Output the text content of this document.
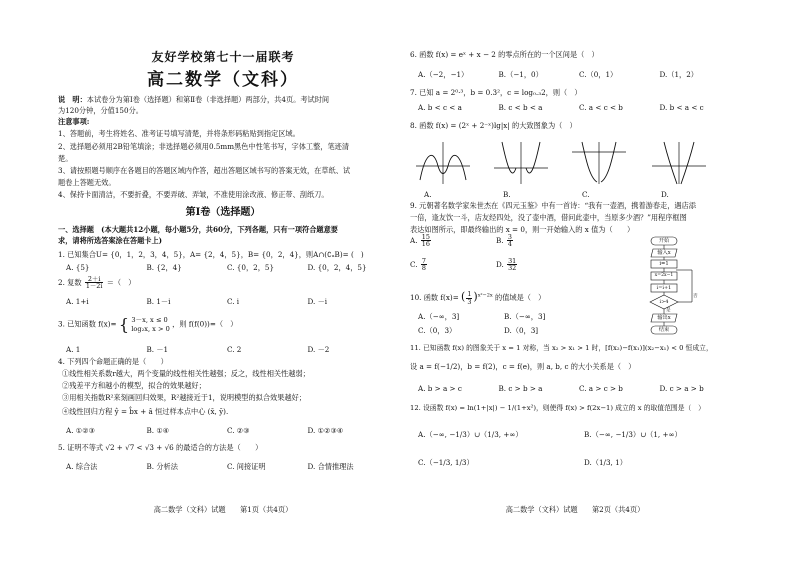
友好学校第七十一届联考
高二数学（文科）
说　明：本试卷分为第Ⅰ卷（选择题）和第Ⅱ卷（非选择题）两部分，共4页。考试时间
为120分钟，分值150分。
注意事项:
1、答题前，考生将姓名、准考证号填写清楚，并将条形码粘贴到指定区域。
2、选择题必须用2B铅笔填涂；非选择题必须用0.5mm黑色中性笔书写，字体工整，笔迹清
楚。
3、请按照题号顺序在各题目的答题区域内作答，超出答题区域书写的答案无效，在草纸、试
题卷上答题无效。
4、保持卡面清洁，不要折叠，不要弄破、弄皱，不准使用涂改液、修正带、刮纸刀。
第Ⅰ卷（选择题）
一、选择题　(本大题共12小题，每小题5分，共60分，下列各题，只有一项符合题意要
求，请将所选答案涂在答题卡上)
1. 已知集合U= {0，1，2，3，4，5}，A= {2，4，5}，B= {0，2，4}，则A∩(∁ᵤB)= (　)
A. {5}	B. {2，4}	C. {0，2，5}	D. {0，2，4，5}
2. 复数 $\frac{2+i}{1-2i}$ ＝（　）
A. 1+i	B. 1－i	C. i	D. －i
3. 已知函数 f(x)= { 3－x, x ≤ 0
log₂x, x > 0 ，则 f(f(0))=（　）
A. 1	B. －1	C. 2	D. －2
4. 下列四个命题正确的是（　　）
①线性相关系数r越大，两个变量的线性相关性越强；反之，线性相关性越弱；
②残差平方和越小的模型，拟合的效果越好；
③用相关指数R²来刻画回归效果，R²越接近于1，说明模型的拟合效果越好；
④线性回归方程 ŷ = b̂x + â 恒过样本点中心 (x̄, ȳ).
A. ①②③	B. ①④	C. ②③	D. ①②③④
5. 证明不等式 √2 + √7 < √3 + √6 的最适合的方法是（　　）
A. 综合法	B. 分析法	C. 间接证明	D. 合情推理法
高二数学（文科）试题　　第1页（共4页）
6. 函数 f(x) = eˣ + x − 2 的零点所在的一个区间是（　）
A.（−2，−1）	B.（−1，0）	C.（0，1）	D.（1，2）
7. 已知 a = 2⁰·³，b = 0.3²，c = log₀.₃2，则（　）
A. b < c < a	B. c < b < a	C. a < c < b	D. b < a < c
8. 函数 f(x) = (2ˣ + 2⁻ˣ)lg|x| 的大致图象为（　）
A.	B.	C.	D.
9. 元朝著名数学家朱世杰在《四元玉鉴》中有一首诗：“我有一壶酒，携着游春走，遇店添
一倍，逢友饮一斗，店友经四处，没了壶中酒，借问此壶中，当原多少酒？”用程序框图
表达如图所示，即最终输出的 x = 0，则一开始输入的 x 值为（　　）
A. $\frac{15}{16}$	B. $\frac{3}{4}$
C. $\frac{7}{8}$	D. $\frac{31}{32}$
开始
输入x
i=1
x=2x−1
i=i+1
i>4
输出x
结束
是
否
10. 函数 f(x)= ( $\frac{1}{3} )^{x^2-2x}$ 的值域是（　）
A.（−∞，3]	B.（−∞，3]
C.（0，3）	D.（0，3]
11. 已知函数 f(x) 的图象关于 x = 1 对称，当 x₂ > x₁ > 1 时，[f(x₂)−f(x₁)](x₂−x₁) < 0 恒成立，
设 a = f(−1/2)，b = f(2)，c = f(e)，则 a, b, c 的大小关系是（　）
A. b > a > c	B. c > b > a	C. a > c > b	D. c > a > b
12. 设函数 f(x) = ln(1+|x|) − 1/(1+x²)，则使得 f(x) > f(2x−1) 成立的 x 的取值范围是（　）
A.（−∞, −1/3）∪（1/3, +∞）	B.（−∞, −1/3）∪（1, +∞）
C.（−1/3, 1/3）	D.（1/3, 1）
高二数学（文科）试题　　第2页（共4页）
